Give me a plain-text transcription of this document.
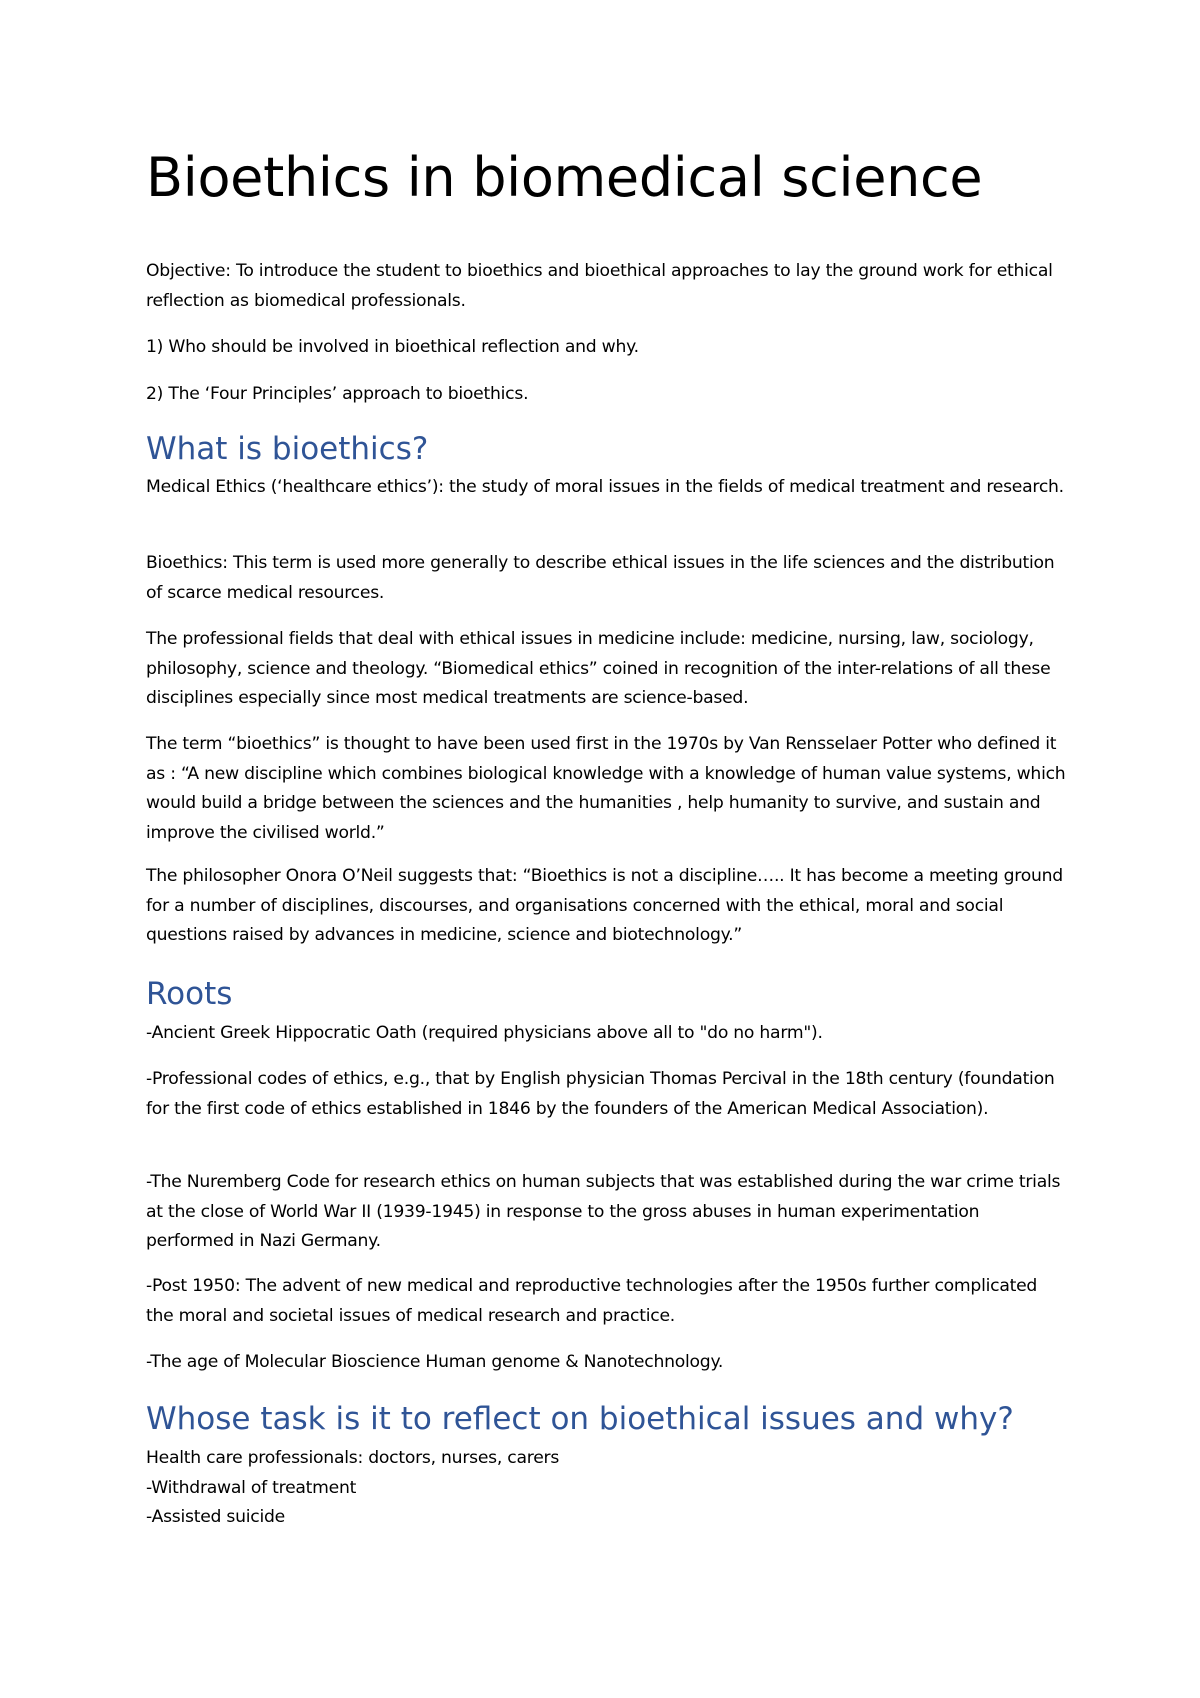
Bioethics in biomedical science

Objective: To introduce the student to bioethics and bioethical approaches to lay the ground work for ethical reflection as biomedical professionals.

1) Who should be involved in bioethical reflection and why.

2) The ‘Four Principles’ approach to bioethics.

What is bioethics?

Medical Ethics (‘healthcare ethics’): the study of moral issues in the fields of medical treatment and research.

Bioethics: This term is used more generally to describe ethical issues in the life sciences and the distribution of scarce medical resources.

The professional fields that deal with ethical issues in medicine include: medicine, nursing, law, sociology, philosophy, science and theology. “Biomedical ethics” coined in recognition of the inter-relations of all these disciplines especially since most medical treatments are science-based.

The term “bioethics” is thought to have been used first in the 1970s by Van Rensselaer Potter who defined it as : “A new discipline which combines biological knowledge with a knowledge of human value systems, which would build a bridge between the sciences and the humanities , help humanity to survive, and sustain and improve the civilised world.”

The philosopher Onora O’Neil suggests that: “Bioethics is not a discipline….. It has become a meeting ground for a number of disciplines, discourses, and organisations concerned with the ethical, moral and social questions raised by advances in medicine, science and biotechnology.”

Roots

-Ancient Greek Hippocratic Oath (required physicians above all to "do no harm").

-Professional codes of ethics, e.g., that by English physician Thomas Percival in the 18th century (foundation for the first code of ethics established in 1846 by the founders of the American Medical Association).

-The Nuremberg Code for research ethics on human subjects that was established during the war crime trials at the close of World War II (1939-1945) in response to the gross abuses in human experimentation performed in Nazi Germany.

-Post 1950: The advent of new medical and reproductive technologies after the 1950s further complicated the moral and societal issues of medical research and practice.

-The age of Molecular Bioscience Human genome & Nanotechnology.

Whose task is it to reflect on bioethical issues and why?

Health care professionals: doctors, nurses, carers

-Withdrawal of treatment

-Assisted suicide
